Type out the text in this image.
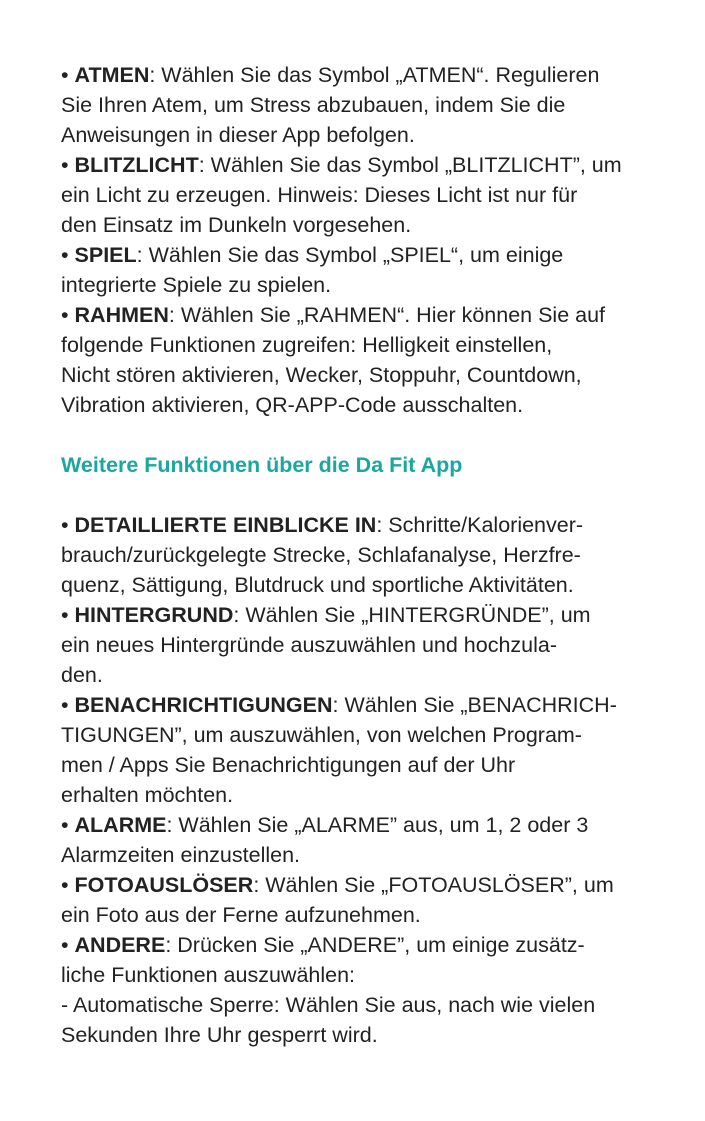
• ATMEN: Wählen Sie das Symbol „ATMEN“. Regulieren
Sie Ihren Atem, um Stress abzubauen, indem Sie die
Anweisungen in dieser App befolgen.

• BLITZLICHT: Wählen Sie das Symbol „BLITZLICHT”, um
ein Licht zu erzeugen. Hinweis: Dieses Licht ist nur für
den Einsatz im Dunkeln vorgesehen.

• SPIEL: Wählen Sie das Symbol „SPIEL“, um einige
integrierte Spiele zu spielen.

• RAHMEN: Wählen Sie „RAHMEN“. Hier können Sie auf
folgende Funktionen zugreifen: Helligkeit einstellen,
Nicht stören aktivieren, Wecker, Stoppuhr, Countdown,
Vibration aktivieren, QR-APP-Code ausschalten.

Weitere Funktionen über die Da Fit App

• DETAILLIERTE EINBLICKE IN: Schritte/Kalorienver-
brauch/zurückgelegte Strecke, Schlafanalyse, Herzfre-
quenz, Sättigung, Blutdruck und sportliche Aktivitäten.

• HINTERGRUND: Wählen Sie „HINTERGRÜNDE”, um
ein neues Hintergründe auszuwählen und hochzula-
den.

• BENACHRICHTIGUNGEN: Wählen Sie „BENACHRICH-
TIGUNGEN”, um auszuwählen, von welchen Program-
men / Apps Sie Benachrichtigungen auf der Uhr
erhalten möchten.

• ALARME: Wählen Sie „ALARME” aus, um 1, 2 oder 3
Alarmzeiten einzustellen.

• FOTOAUSLÖSER: Wählen Sie „FOTOAUSLÖSER”, um
ein Foto aus der Ferne aufzunehmen.

• ANDERE: Drücken Sie „ANDERE”, um einige zusätz-
liche Funktionen auszuwählen:

- Automatische Sperre: Wählen Sie aus, nach wie vielen
Sekunden Ihre Uhr gesperrt wird.
